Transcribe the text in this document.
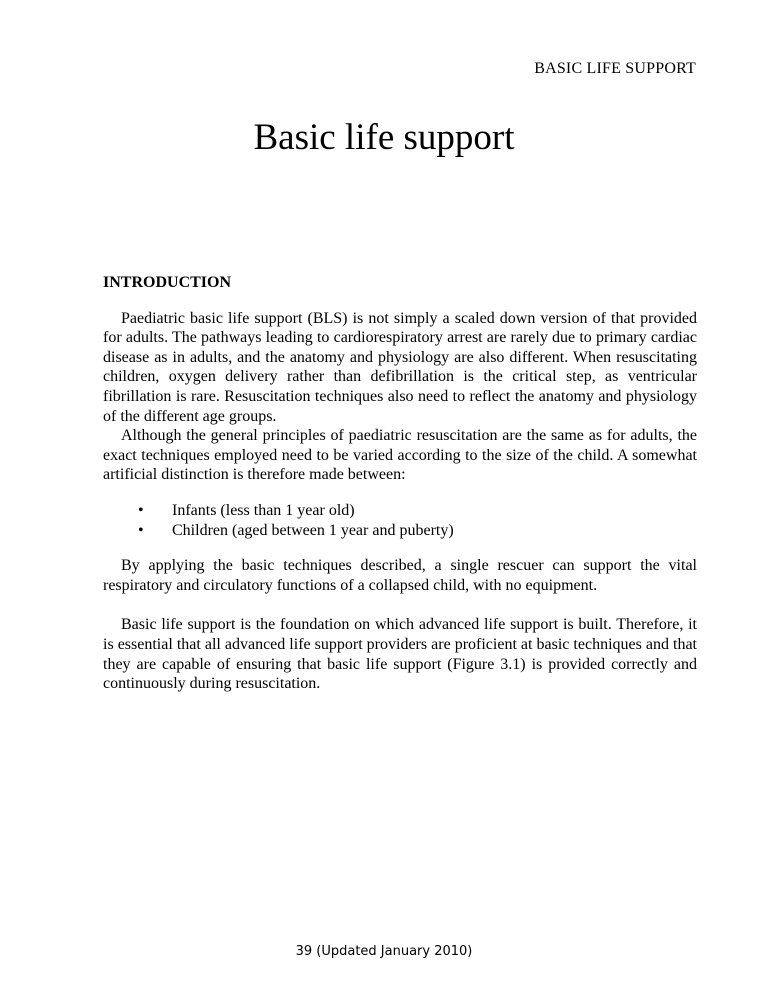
BASIC LIFE SUPPORT
Basic life support
INTRODUCTION

Paediatric basic life support (BLS) is not simply a scaled down version of that provided for adults. The pathways leading to cardiorespiratory arrest are rarely due to primary cardiac disease as in adults, and the anatomy and physiology are also different. When resuscitating children, oxygen delivery rather than defibrillation is the critical step, as ventricular fibrillation is rare. Resuscitation techniques also need to reflect the anatomy and physiology of the different age groups.

Although the general principles of paediatric resuscitation are the same as for adults, the exact techniques employed need to be varied according to the size of the child. A somewhat artificial distinction is therefore made between:

• Infants (less than 1 year old)
• Children (aged between 1 year and puberty)

By applying the basic techniques described, a single rescuer can support the vital respiratory and circulatory functions of a collapsed child, with no equipment.

Basic life support is the foundation on which advanced life support is built. Therefore, it is essential that all advanced life support providers are proficient at basic techniques and that they are capable of ensuring that basic life support (Figure 3.1) is provided correctly and continuously during resuscitation.

39 (Updated January 2010)
